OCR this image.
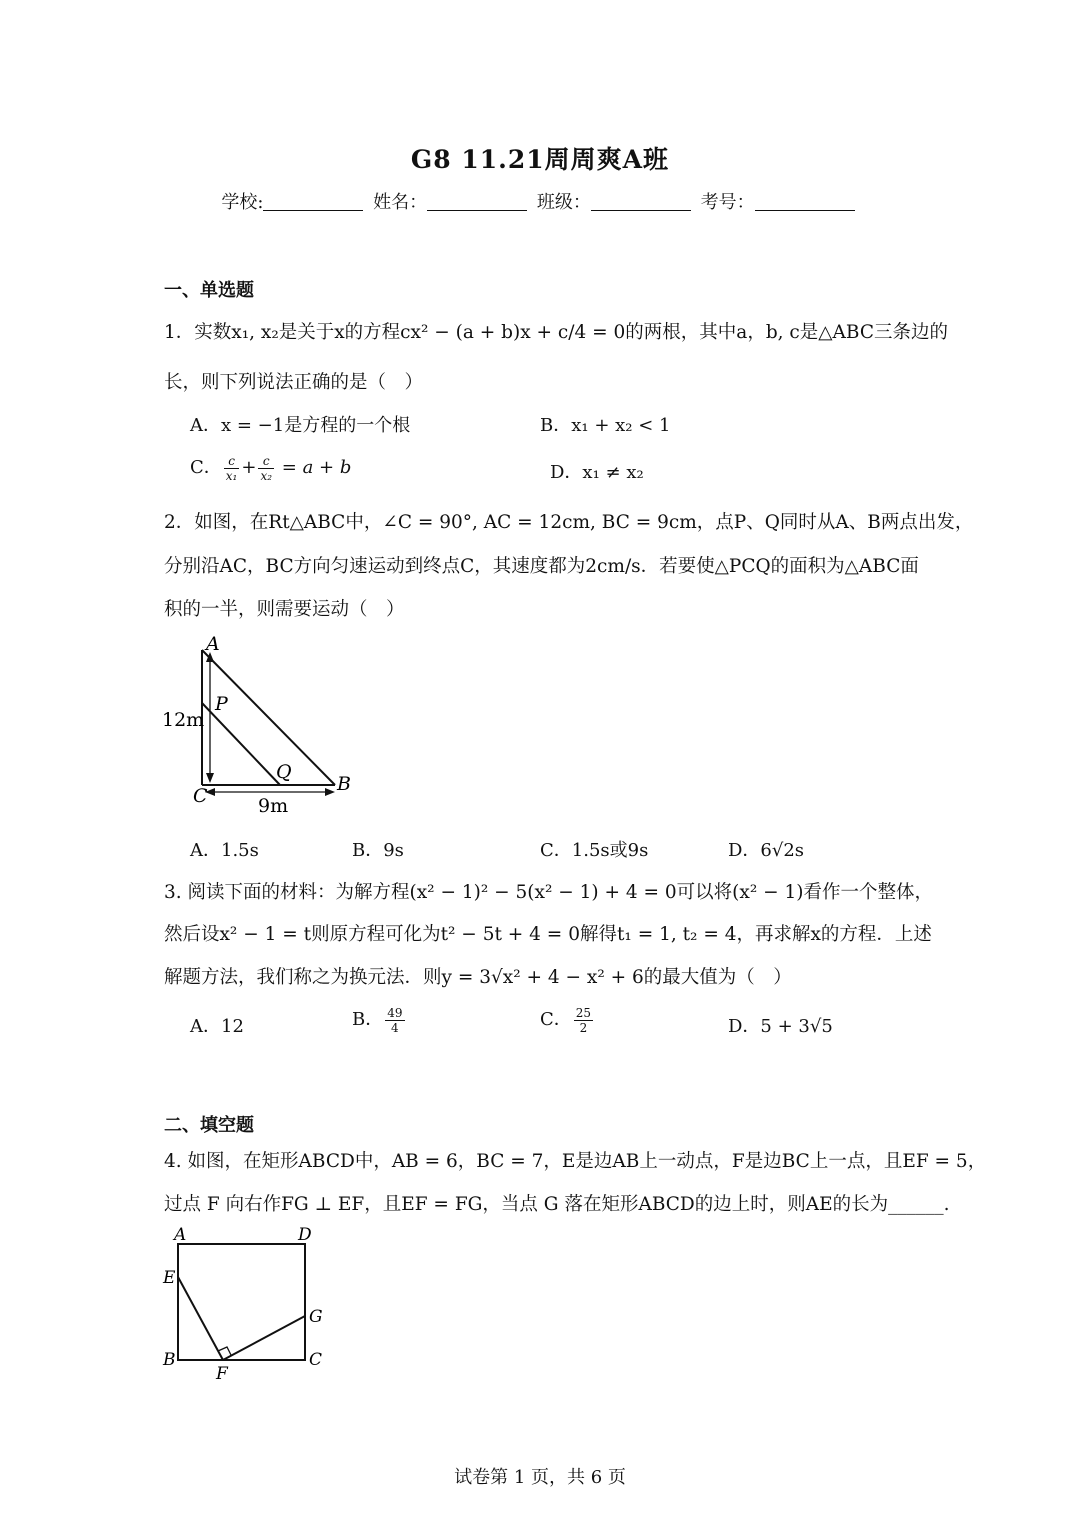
G8 11.21周周爽A班
学校:	姓名：	班级：	考号：
一、单选题
1．实数x₁, x₂是关于x的方程cx² − (a + b)x + c/4 = 0的两根，其中a，b, c是△ABC三条边的
长，则下列说法正确的是（　）
A．x = −1是方程的一个根	B．x₁ + x₂ < 1
C． $\frac{c}{\text{x₁}} + \frac{c}{\text{x₂}} = a + b$	D．x₁ ≠ x₂
2．如图，在Rt△ABC中，∠C = 90°, AC = 12cm, BC = 9cm，点P、Q同时从A、B两点出发，
分别沿AC，BC方向匀速运动到终点C，其速度都为2cm/s．若要使△PCQ的面积为△ABC面
积的一半，则需要运动（　）
A
P
C
Q
B
12m
9m
A．1.5s	B．9s	C．1.5s或9s	D．6√2s
3. 阅读下面的材料：为解方程(x² − 1)² − 5(x² − 1) + 4 = 0可以将(x² − 1)看作一个整体，
然后设x² − 1 = t则原方程可化为t² − 5t + 4 = 0解得t₁ = 1, t₂ = 4，再求解x的方程．上述
解题方法，我们称之为换元法．则y = 3√x² + 4 − x² + 6的最大值为（　）
A．12	B． $\frac{49}{4}$	C． $\frac{25}{2}$	D．5 + 3√5
二、填空题
4. 如图，在矩形ABCD中，AB = 6，BC = 7，E是边AB上一动点，F是边BC上一点，且EF = 5，
过点 F 向右作FG ⊥ EF，且EF = FG，当点 G 落在矩形ABCD的边上时，则AE的长为______.
A	D
E
G
B
F
C
试卷第 1 页，共 6 页
